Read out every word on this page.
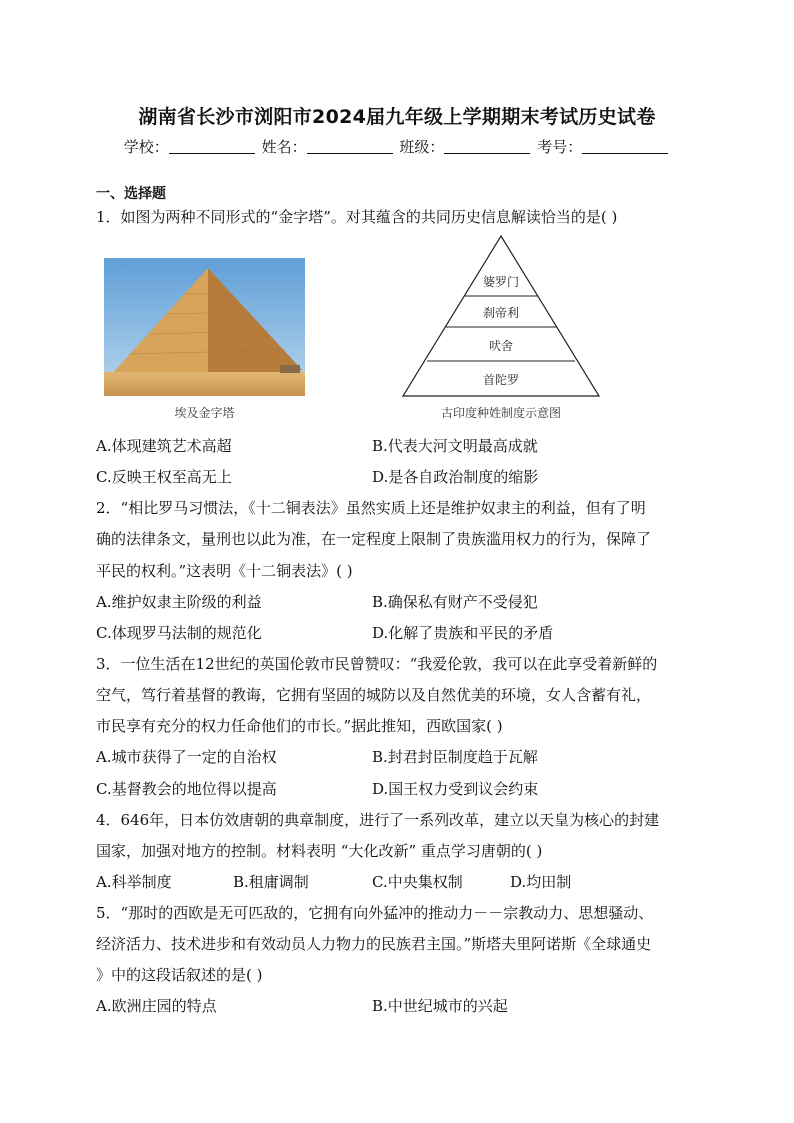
湖南省长沙市浏阳市2024届九年级上学期期末考试历史试卷
学校：	姓名：	班级：	考号：
一、选择题
1．如图为两种不同形式的“金字塔”。对其蕴含的共同历史信息解读恰当的是( )
埃及金字塔
婆罗门
刹帝利
吠舍
首陀罗
古印度种姓制度示意图
A.体现建筑艺术高超	B.代表大河文明最高成就
C.反映王权至高无上	D.是各自政治制度的缩影
2．“相比罗马习惯法，《十二铜表法》虽然实质上还是维护奴隶主的利益，但有了明
确的法律条文，量刑也以此为准，在一定程度上限制了贵族滥用权力的行为，保障了
平民的权利。”这表明《十二铜表法》( )
A.维护奴隶主阶级的利益	B.确保私有财产不受侵犯
C.体现罗马法制的规范化	D.化解了贵族和平民的矛盾
3．一位生活在12世纪的英国伦敦市民曾赞叹：“我爱伦敦，我可以在此享受着新鲜的
空气，笃行着基督的教诲，它拥有坚固的城防以及自然优美的环境，女人含蓄有礼，
市民享有充分的权力任命他们的市长。”据此推知，西欧国家( )
A.城市获得了一定的自治权	B.封君封臣制度趋于瓦解
C.基督教会的地位得以提高	D.国王权力受到议会约束
4．646年，日本仿效唐朝的典章制度，进行了一系列改革，建立以天皇为核心的封建
国家，加强对地方的控制。材料表明 “大化改新” 重点学习唐朝的( )
A.科举制度	B.租庸调制	C.中央集权制	D.均田制
5．“那时的西欧是无可匹敌的，它拥有向外猛冲的推动力－－宗教动力、思想骚动、
经济活力、技术进步和有效动员人力物力的民族君主国。”斯塔夫里阿诺斯《全球通史
》中的这段话叙述的是( )
A.欧洲庄园的特点	B.中世纪城市的兴起
